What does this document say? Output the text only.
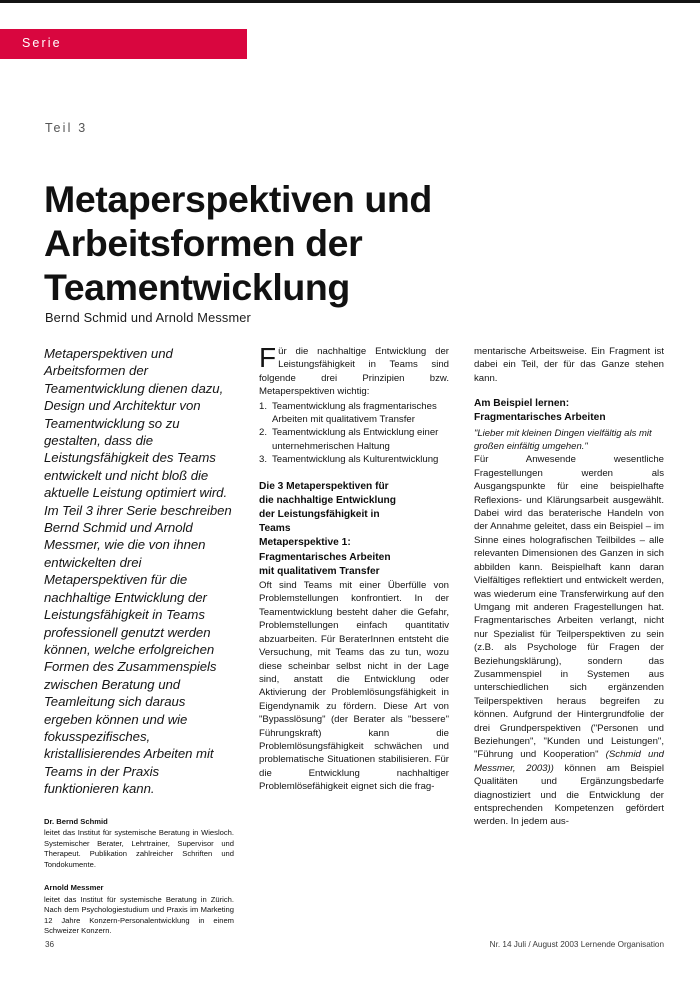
Serie
Teil 3
Metaperspektiven und
Arbeitsformen der
Teamentwicklung
Bernd Schmid und Arnold Messmer

Metaperspektiven und Arbeitsformen der Teamentwicklung dienen dazu, Design und Architektur von Teamentwicklung so zu gestalten, dass die Leistungsfähigkeit des Teams entwickelt und nicht bloß die aktuelle Leistung optimiert wird. Im Teil 3 ihrer Serie beschreiben Bernd Schmid und Arnold Messmer, wie die von ihnen entwickelten drei Metaperspektiven für die nachhaltige Entwicklung der Leistungsfähigkeit in Teams professionell genutzt werden können, welche erfolgreichen Formen des Zusammenspiels zwischen Beratung und Teamleitung sich daraus ergeben können und wie fokusspezifisches, kristallisierendes Arbeiten mit Teams in der Praxis funktionieren kann.

Dr. Bernd Schmid

leitet das Institut für systemische Beratung in Wiesloch. Systemischer Berater, Lehrtrainer, Supervisor und Therapeut. Publikation zahlreicher Schriften und Tondokumente.

Arnold Messmer

leitet das Institut für systemische Beratung in Zürich. Nach dem Psychologiestudium und Praxis im Marketing 12 Jahre Konzern-Personalentwicklung in einem Schweizer Konzern.

Für die nachhaltige Entwicklung der Leistungsfähigkeit in Teams sind folgende drei Prinzipien bzw. Metaperspektiven wichtig:

1. Teamentwicklung als fragmentarisches Arbeiten mit qualitativem Transfer
2. Teamentwicklung als Entwicklung einer unternehmerischen Haltung
3. Teamentwicklung als Kulturentwicklung
Die 3 Metaperspektiven für
die nachhaltige Entwicklung
der Leistungsfähigkeit in
Teams
Metaperspektive 1:
Fragmentarisches Arbeiten
mit qualitativem Transfer

Oft sind Teams mit einer Überfülle von Problemstellungen konfrontiert. In der Teamentwicklung besteht daher die Gefahr, Problemstellungen einfach quantitativ abzuarbeiten. Für BeraterInnen entsteht die Versuchung, mit Teams das zu tun, wozu diese scheinbar selbst nicht in der Lage sind, anstatt die Entwicklung oder Aktivierung der Problemlösungsfähigkeit in Eigendynamik zu fördern. Diese Art von "Bypasslösung" (der Berater als "bessere" Führungskraft) kann die Problemlösungsfähigkeit schwächen und problematische Situationen stabilisieren. Für die Entwicklung nachhaltiger Problemlösefähigkeit eignet sich die frag-

mentarische Arbeitsweise. Ein Fragment ist dabei ein Teil, der für das Ganze stehen kann.

Am Beispiel lernen:
Fragmentarisches Arbeiten

"Lieber mit kleinen Dingen vielfältig als mit
großen einfältig umgehen."

Für Anwesende wesentliche Fragestellungen werden als Ausgangspunkte für eine beispielhafte Reflexions- und Klärungsarbeit ausgewählt. Dabei wird das beraterische Handeln von der Annahme geleitet, dass ein Beispiel – im Sinne eines holografischen Teilbildes – alle relevanten Dimensionen des Ganzen in sich abbilden kann. Beispielhaft kann daran Vielfältiges reflektiert und entwickelt werden, was wiederum eine Transferwirkung auf den Umgang mit anderen Fragestellungen hat. Fragmentarisches Arbeiten verlangt, nicht nur Spezialist für Teilperspektiven zu sein (z.B. als Psychologe für Fragen der Beziehungsklärung), sondern das Zusammenspiel in Systemen aus unterschiedlichen sich ergänzenden Teilperspektiven heraus begreifen zu können. Aufgrund der Hintergrundfolie der drei Grundperspektiven ("Personen und Beziehungen", "Kunden und Leistungen", "Führung und Kooperation" (Schmid und Messmer, 2003)) können am Beispiel Qualitäten und Ergänzungsbedarfe diagnostiziert und die Entwicklung der entsprechenden Kompetenzen gefördert werden. In jedem aus-

36	Nr. 14 Juli / August 2003 Lernende Organisation
